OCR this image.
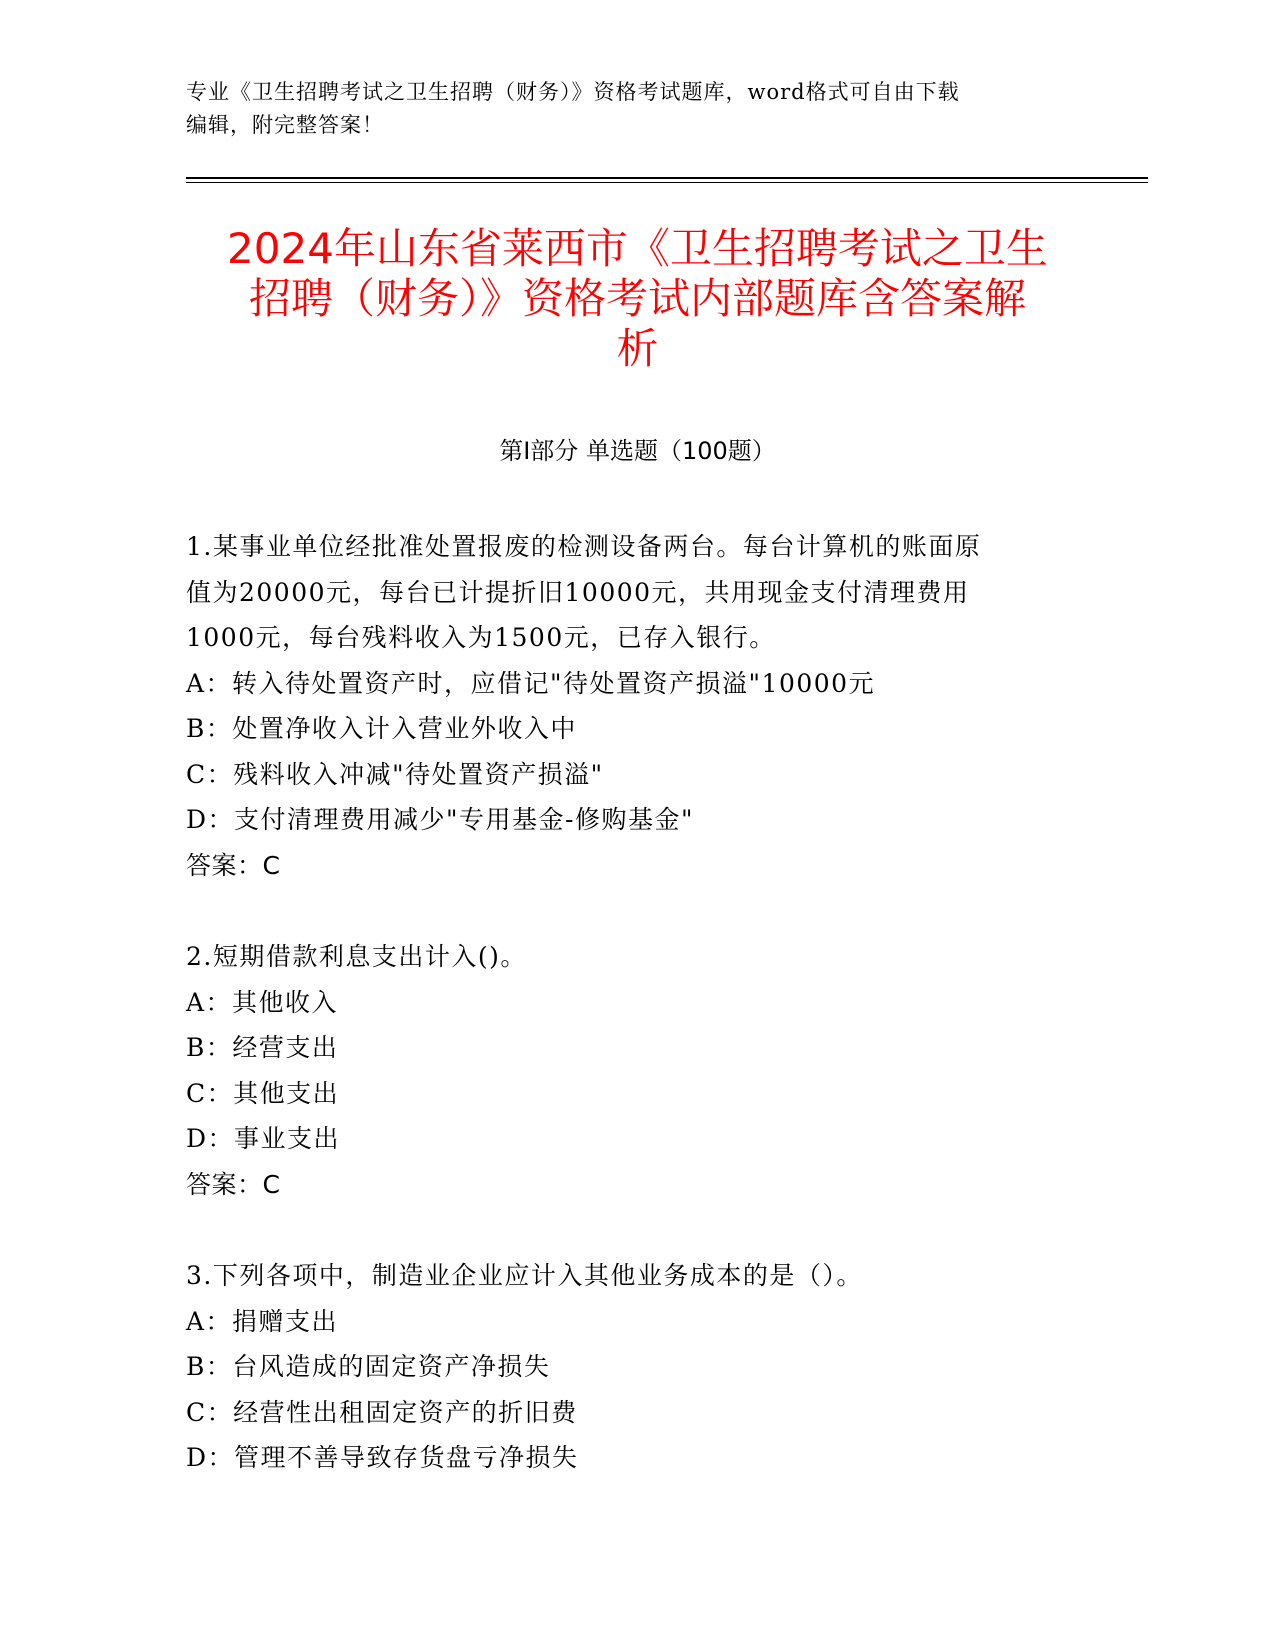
专业《卫生招聘考试之卫生招聘（财务）》资格考试题库，word格式可自由下载
编辑，附完整答案！
2024年山东省莱西市《卫生招聘考试之卫生
招聘（财务）》资格考试内部题库含答案解
析
第Ⅰ部分 单选题（100题）
1.某事业单位经批准处置报废的检测设备两台。每台计算机的账面原
值为20000元，每台已计提折旧10000元，共用现金支付清理费用
1000元，每台残料收入为1500元，已存入银行。
A：转入待处置资产时，应借记"待处置资产损溢"10000元
B：处置净收入计入营业外收入中
C：残料收入冲减"待处置资产损溢"
D：支付清理费用减少"专用基金-修购基金"
答案：C
2.短期借款利息支出计入()。
A：其他收入
B：经营支出
C：其他支出
D：事业支出
答案：C
3.下列各项中，制造业企业应计入其他业务成本的是（）。
A：捐赠支出
B：台风造成的固定资产净损失
C：经营性出租固定资产的折旧费
D：管理不善导致存货盘亏净损失
